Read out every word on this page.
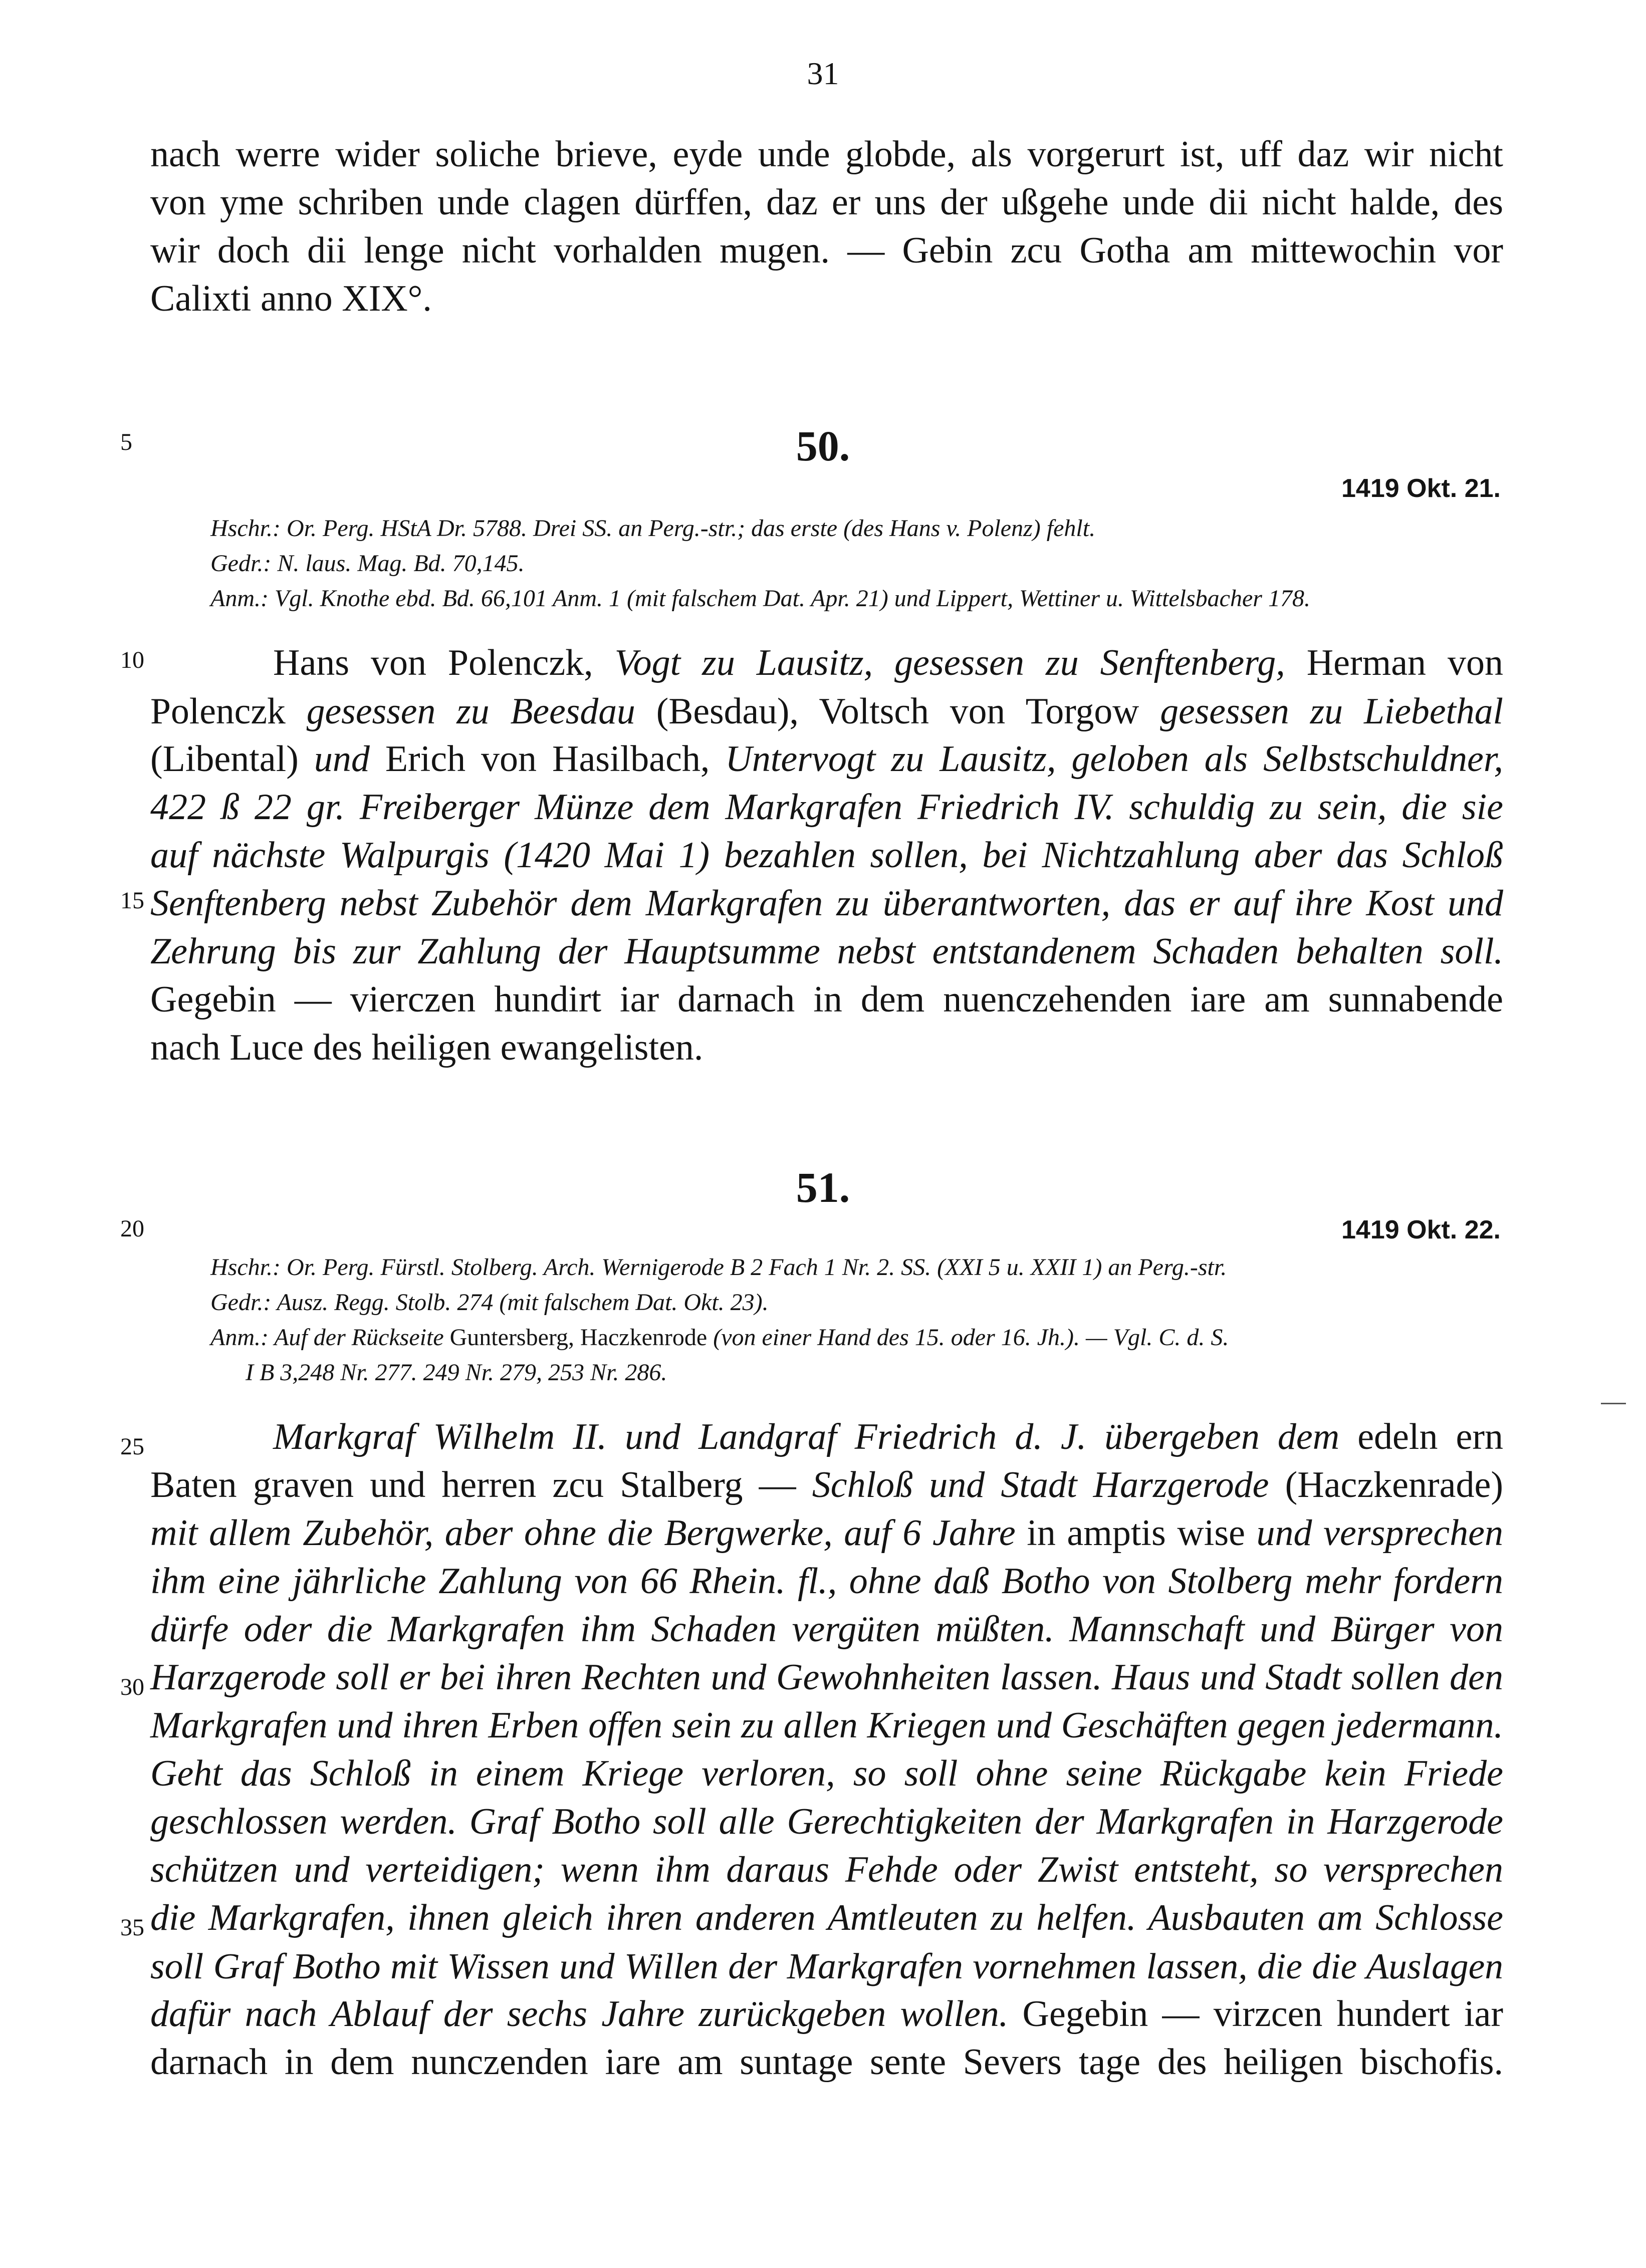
31
nach werre wider soliche brieve, eyde unde globde, als vorgerurt ist, uff daz wir nicht
von yme schriben unde clagen dürffen, daz er uns der ußgehe unde dii nicht halde, des
wir doch dii lenge nicht vorhalden mugen. — Gebin zcu Gotha am mittewochin vor
Calixti anno XIX°.
5
10
15
20
25
30
35
50.
1419 Okt. 21.
Hschr.: Or. Perg. HStA Dr. 5788. Drei SS. an Perg.-str.; das erste (des Hans v. Polenz) fehlt.
Gedr.: N. laus. Mag. Bd. 70,145.
Anm.: Vgl. Knothe ebd. Bd. 66,101 Anm. 1 (mit falschem Dat. Apr. 21) und Lippert, Wettiner u. Wittelsbacher 178.
Hans von Polenczk, Vogt zu Lausitz, gesessen zu Senftenberg, Herman von
Polenczk gesessen zu Beesdau (Besdau), Voltsch von Torgow gesessen zu Liebethal
(Libental) und Erich von Hasilbach, Untervogt zu Lausitz, geloben als Selbstschuldner,
422 ß 22 gr. Freiberger Münze dem Markgrafen Friedrich IV. schuldig zu sein, die sie
auf nächste Walpurgis (1420 Mai 1) bezahlen sollen, bei Nichtzahlung aber das Schloß
Senftenberg nebst Zubehör dem Markgrafen zu überantworten, das er auf ihre Kost und
Zehrung bis zur Zahlung der Hauptsumme nebst entstandenem Schaden behalten soll.
Gegebin — vierczen hundirt iar darnach in dem nuenczehenden iare am sunnabende
nach Luce des heiligen ewangelisten.
51.
1419 Okt. 22.
Hschr.: Or. Perg. Fürstl. Stolberg. Arch. Wernigerode B 2 Fach 1 Nr. 2. SS. (XXI 5 u. XXII 1) an Perg.-str.
Gedr.: Ausz. Regg. Stolb. 274 (mit falschem Dat. Okt. 23).
Anm.: Auf der Rückseite Guntersberg, Haczkenrode (von einer Hand des 15. oder 16. Jh.). — Vgl. C. d. S.
I B 3,248 Nr. 277. 249 Nr. 279, 253 Nr. 286.
Markgraf Wilhelm II. und Landgraf Friedrich d. J. übergeben dem edeln ern
Baten graven und herren zcu Stalberg — Schloß und Stadt Harzgerode (Haczkenrade)
mit allem Zubehör, aber ohne die Bergwerke, auf 6 Jahre in amptis wise und versprechen
ihm eine jährliche Zahlung von 66 Rhein. fl., ohne daß Botho von Stolberg mehr fordern
dürfe oder die Markgrafen ihm Schaden vergüten müßten. Mannschaft und Bürger von
Harzgerode soll er bei ihren Rechten und Gewohnheiten lassen. Haus und Stadt sollen den
Markgrafen und ihren Erben offen sein zu allen Kriegen und Geschäften gegen jedermann.
Geht das Schloß in einem Kriege verloren, so soll ohne seine Rückgabe kein Friede
geschlossen werden. Graf Botho soll alle Gerechtigkeiten der Markgrafen in Harzgerode
schützen und verteidigen; wenn ihm daraus Fehde oder Zwist entsteht, so versprechen
die Markgrafen, ihnen gleich ihren anderen Amtleuten zu helfen. Ausbauten am Schlosse
soll Graf Botho mit Wissen und Willen der Markgrafen vornehmen lassen, die die Auslagen
dafür nach Ablauf der sechs Jahre zurückgeben wollen. Gegebin — virzcen hundert iar
darnach in dem nunczenden iare am suntage sente Severs tage des heiligen bischofis.
